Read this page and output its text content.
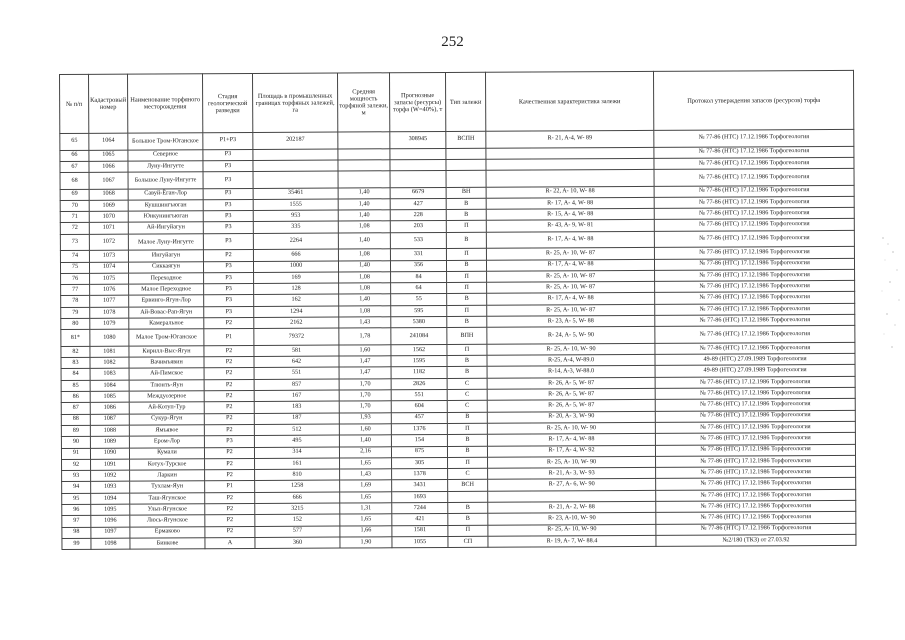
252
№ п/п	Кадастровый номер	Наименование торфяного месторождения	Стадия геологической разведки	Площадь в промышленных границах торфяных залежей, га	Средняя мощность торфяной залежи, м	Прогнозные запасы (ресурсы) торфа (W=40%), т	Тип залежи	Качественная характеристика залежи	Протокол утверждения запасов (ресурсов) торфа
65	1064	Большое Тром-Юганское	Р1+Р3	202187		308945	ВСПН	R- 21, A-4, W- 89	№ 77-86 (НТС) 17.12.1986 Торфогеология
66	1065	Северное	Р3						№ 77-86 (НТС) 17.12.1986 Торфогеология
67	1066	Лунy-Ингуғте	Р3						№ 77-86 (НТС) 17.12.1986 Торфогеология
68	1067	Большое Луну-Ингуғте	Р3						№ 77-86 (НТС) 17.12.1986 Торфогеология
69	1068	Савуй-Ёган-Лор	Р3	35461	1,40	6679	ВН	R- 22, A- 10, W- 88	№ 77-86 (НТС) 17.12.1986 Торфогеология
70	1069	Кушшингъюган	Р3	1555	1,40	427	В	R- 17, A- 4, W- 88	№ 77-86 (НТС) 17.12.1986 Торфогеология
71	1070	Юнкунингъюган	Р3	953	1,40	228	В	R- 15, A- 4, W- 88	№ 77-86 (НТС) 17.12.1986 Торфогеология
72	1071	Ай-Ингуйагун	Р3	335	1,08	203	П	R- 43, A- 9, W- 81	№ 77-86 (НТС) 17.12.1986 Торфогеология
73	1072	Малое Луну-Ингуғте	Р3	2264	1,40	533	В	R- 17, A- 4, W- 88	№ 77-86 (НТС) 17.12.1986 Торфогеология
74	1073	Ингуйагун	Р2	666	1,08	331	П	R- 25, A- 10, W- 87	№ 77-86 (НТС) 17.12.1986 Торфогеология
75	1074	Сиккаягун	Р3	1000	1,40	356	В	R- 17, A- 4, W- 88	№ 77-86 (НТС) 17.12.1986 Торфогеология
76	1075	Переходное	Р3	169	1,08	84	П	R- 25, A- 10, W- 87	№ 77-86 (НТС) 17.12.1986 Торфогеология
77	1076	Малое Переходное	Р3	128	1,08	64	П	R- 25, A- 10, W- 87	№ 77-86 (НТС) 17.12.1986 Торфогеология
78	1077	Ервинго-Ягун-Лор	Р3	162	1,40	55	В	R- 17, A- 4, W- 88	№ 77-86 (НТС) 17.12.1986 Торфогеология
79	1078	Ай-Вовас-Рап-Ягун	Р3	1294	1,08	595	П	R- 25, A- 10, W- 87	№ 77-86 (НТС) 17.12.1986 Торфогеология
80	1079	Камеральное	Р2	2162	1,43	5380	В	R- 23, A- 5, W- 88	№ 77-86 (НТС) 17.12.1986 Торфогеология
81*	1080	Малое Тром-Юганское	Р1	79372	1,78	241084	ВПН	R- 24, A- 5, W- 90	№ 77-86 (НТС) 17.12.1986 Торфогеология
82	1081	Кирилл-Выс-Ягун	Р2	581	1,60	1562	П	R- 25, A- 10, W- 90	№ 77-86 (НТС) 17.12.1986 Торфогеология
83	1082	Вачимъявин	Р2	642	1,47	1595	В	R-25, A-4, W-89.0	49-89 (НТС) 27.09.1989 Торфогеология
84	1083	Ай-Пимское	Р2	551	1,47	1182	В	R-14, A-3, W-88.0	49-89 (НТС) 27.09.1989 Торфогеология
85	1084	Тлюнть-Яун	Р2	857	1,70	2826	С	R- 26, A- 5, W- 87	№ 77-86 (НТС) 17.12.1986 Торфогеология
86	1085	Междуозерное	Р2	167	1,70	551	С	R- 26, A- 5, W- 87	№ 77-86 (НТС) 17.12.1986 Торфогеология
87	1086	Ай-Котуп-Тур	Р2	183	1,70	604	С	R- 26, A- 5, W- 87	№ 77-86 (НТС) 17.12.1986 Торфогеология
88	1087	Сукур-Ягун	Р2	187	1,93	457	В	R- 20, A- 3, W- 90	№ 77-86 (НТС) 17.12.1986 Торфогеология
89	1088	Ямъявое	Р2	512	1,60	1376	П	R- 25, A- 10, W- 90	№ 77-86 (НТС) 17.12.1986 Торфогеология
90	1089	Ером-Лор	Р3	495	1,40	154	В	R- 17, A- 4, W- 88	№ 77-86 (НТС) 17.12.1986 Торфогеология
91	1090	Кумали	Р2	314	2,16	875	В	R- 17, A- 4, W- 92	№ 77-86 (НТС) 17.12.1986 Торфогеология
92	1091	Котух-Турское	Р2	161	1,65	305	П	R- 25, A- 10, W- 90	№ 77-86 (НТС) 17.12.1986 Торфогеология
93	1092	Ларкин	Р2	810	1,43	1378	С	R- 21, A- 3, W- 93	№ 77-86 (НТС) 17.12.1986 Торфогеология
94	1093	Тухлам-Яун	Р1	1258	1,69	3431	ВСН	R- 27, A- 6, W- 90	№ 77-86 (НТС) 17.12.1986 Торфогеология
95	1094	Таш-Ягунское	Р2	666	1,65	1693			№ 77-86 (НТС) 17.12.1986 Торфогеология
96	1095	Ульп-Ягунское	Р2	3215	1,31	7244	В	R- 21, A- 2, W- 88	№ 77-86 (НТС) 17.12.1986 Торфогеология
97	1096	Люсь-Ягунское	Р2	152	1,65	421	В	R- 23, A-10, W- 90	№ 77-86 (НТС) 17.12.1986 Торфогеология
98	1097	Ермаково	Р2	577	1,66	1581	П	R- 25, A- 10, W- 90	№ 77-86 (НТС) 17.12.1986 Торфогеология
99	1098	Бинкове	А	360	1,90	1055	СП	R- 19, A- 7, W- 88.4	№2/180 (ТКЗ) от 27.03.92
